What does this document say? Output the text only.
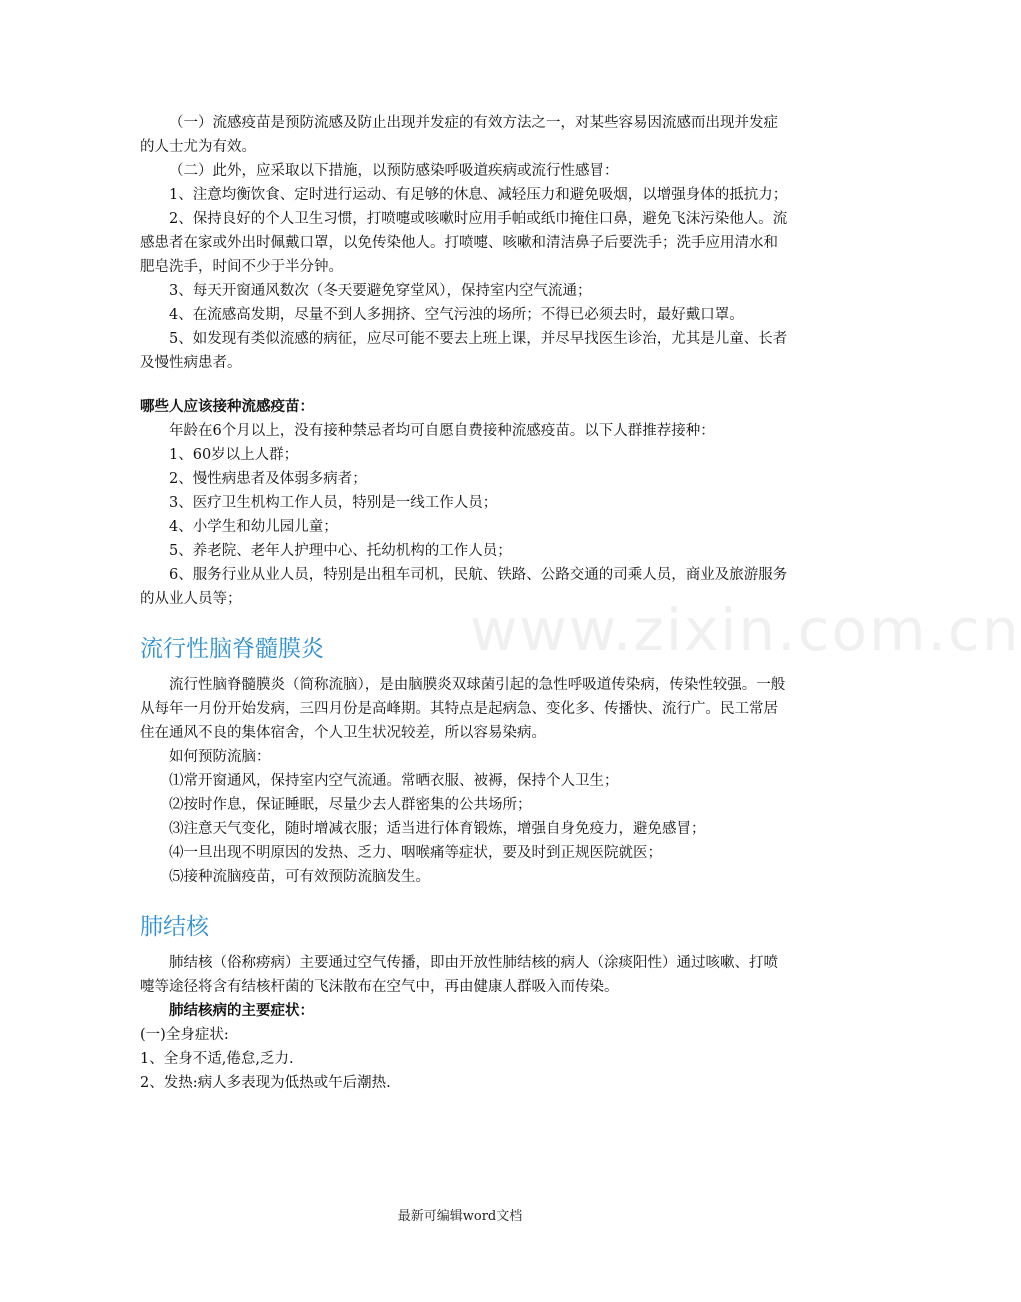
（一）流感疫苗是预防流感及防止出现并发症的有效方法之一，对某些容易因流感而出现并发症的人士尤为有效。

（二）此外，应采取以下措施，以预防感染呼吸道疾病或流行性感冒：

1、注意均衡饮食、定时进行运动、有足够的休息、减轻压力和避免吸烟，以增强身体的抵抗力；

2、保持良好的个人卫生习惯，打喷嚏或咳嗽时应用手帕或纸巾掩住口鼻，避免飞沫污染他人。流感患者在家或外出时佩戴口罩，以免传染他人。打喷嚏、咳嗽和清洁鼻子后要洗手；洗手应用清水和肥皂洗手，时间不少于半分钟。

3、每天开窗通风数次（冬天要避免穿堂风），保持室内空气流通；

4、在流感高发期，尽量不到人多拥挤、空气污浊的场所；不得已必须去时，最好戴口罩。

5、如发现有类似流感的病征，应尽可能不要去上班上课，并尽早找医生诊治，尤其是儿童、长者及慢性病患者。

哪些人应该接种流感疫苗：

年龄在6个月以上，没有接种禁忌者均可自愿自费接种流感疫苗。以下人群推荐接种：

1、60岁以上人群；

2、慢性病患者及体弱多病者；

3、医疗卫生机构工作人员，特别是一线工作人员；

4、小学生和幼儿园儿童；

5、养老院、老年人护理中心、托幼机构的工作人员；

6、服务行业从业人员，特别是出租车司机，民航、铁路、公路交通的司乘人员，商业及旅游服务的从业人员等；

流行性脑脊髓膜炎

流行性脑脊髓膜炎（简称流脑），是由脑膜炎双球菌引起的急性呼吸道传染病，传染性较强。一般从每年一月份开始发病，三四月份是高峰期。其特点是起病急、变化多、传播快、流行广。民工常居住在通风不良的集体宿舍，个人卫生状况较差，所以容易染病。

如何预防流脑：

⑴常开窗通风，保持室内空气流通。常晒衣服、被褥，保持个人卫生；

⑵按时作息，保证睡眠，尽量少去人群密集的公共场所；

⑶注意天气变化，随时增减衣服；适当进行体育锻炼，增强自身免疫力，避免感冒；

⑷一旦出现不明原因的发热、乏力、咽喉痛等症状，要及时到正规医院就医；

⑸接种流脑疫苗，可有效预防流脑发生。

肺结核

肺结核（俗称痨病）主要通过空气传播，即由开放性肺结核的病人（涂痰阳性）通过咳嗽、打喷嚏等途径将含有结核杆菌的飞沫散布在空气中，再由健康人群吸入而传染。

肺结核病的主要症状：

(一)全身症状:

1、全身不适,倦怠,乏力.

2、发热:病人多表现为低热或午后潮热.

www.zixin.com.cn
最新可编辑word文档
